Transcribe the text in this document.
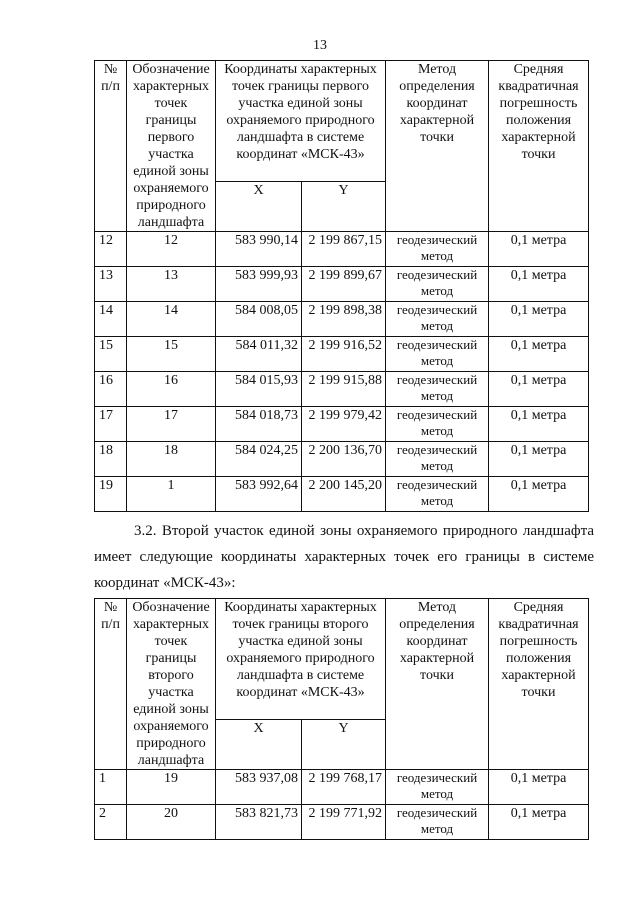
13
№ п/п	Обозначение характерных точек границы первого участка единой зоны охраняемого природного ландшафта	Координаты характерных точек границы первого участка единой зоны охраняемого природного ландшафта в системе координат «МСК-43»		Метод определения координат характерной точки	Средняя квадратичная погрешность положения характерной точки
		X	Y		
12	12	583 990,14	2 199 867,15	геодезический метод	0,1 метра
13	13	583 999,93	2 199 899,67	геодезический метод	0,1 метра
14	14	584 008,05	2 199 898,38	геодезический метод	0,1 метра
15	15	584 011,32	2 199 916,52	геодезический метод	0,1 метра
16	16	584 015,93	2 199 915,88	геодезический метод	0,1 метра
17	17	584 018,73	2 199 979,42	геодезический метод	0,1 метра
18	18	584 024,25	2 200 136,70	геодезический метод	0,1 метра
19	1	583 992,64	2 200 145,20	геодезический метод	0,1 метра

3.2. Второй участок единой зоны охраняемого природного ландшафта имеет следующие координаты характерных точек его границы в системе координат «МСК-43»:

№ п/п	Обозначение характерных точек границы второго участка единой зоны охраняемого природного ландшафта	Координаты характерных точек границы второго участка единой зоны охраняемого природного ландшафта в системе координат «МСК-43»		Метод определения координат характерной точки	Средняя квадратичная погрешность положения характерной точки
		X	Y		
1	19	583 937,08	2 199 768,17	геодезический метод	0,1 метра
2	20	583 821,73	2 199 771,92	геодезический метод	0,1 метра
